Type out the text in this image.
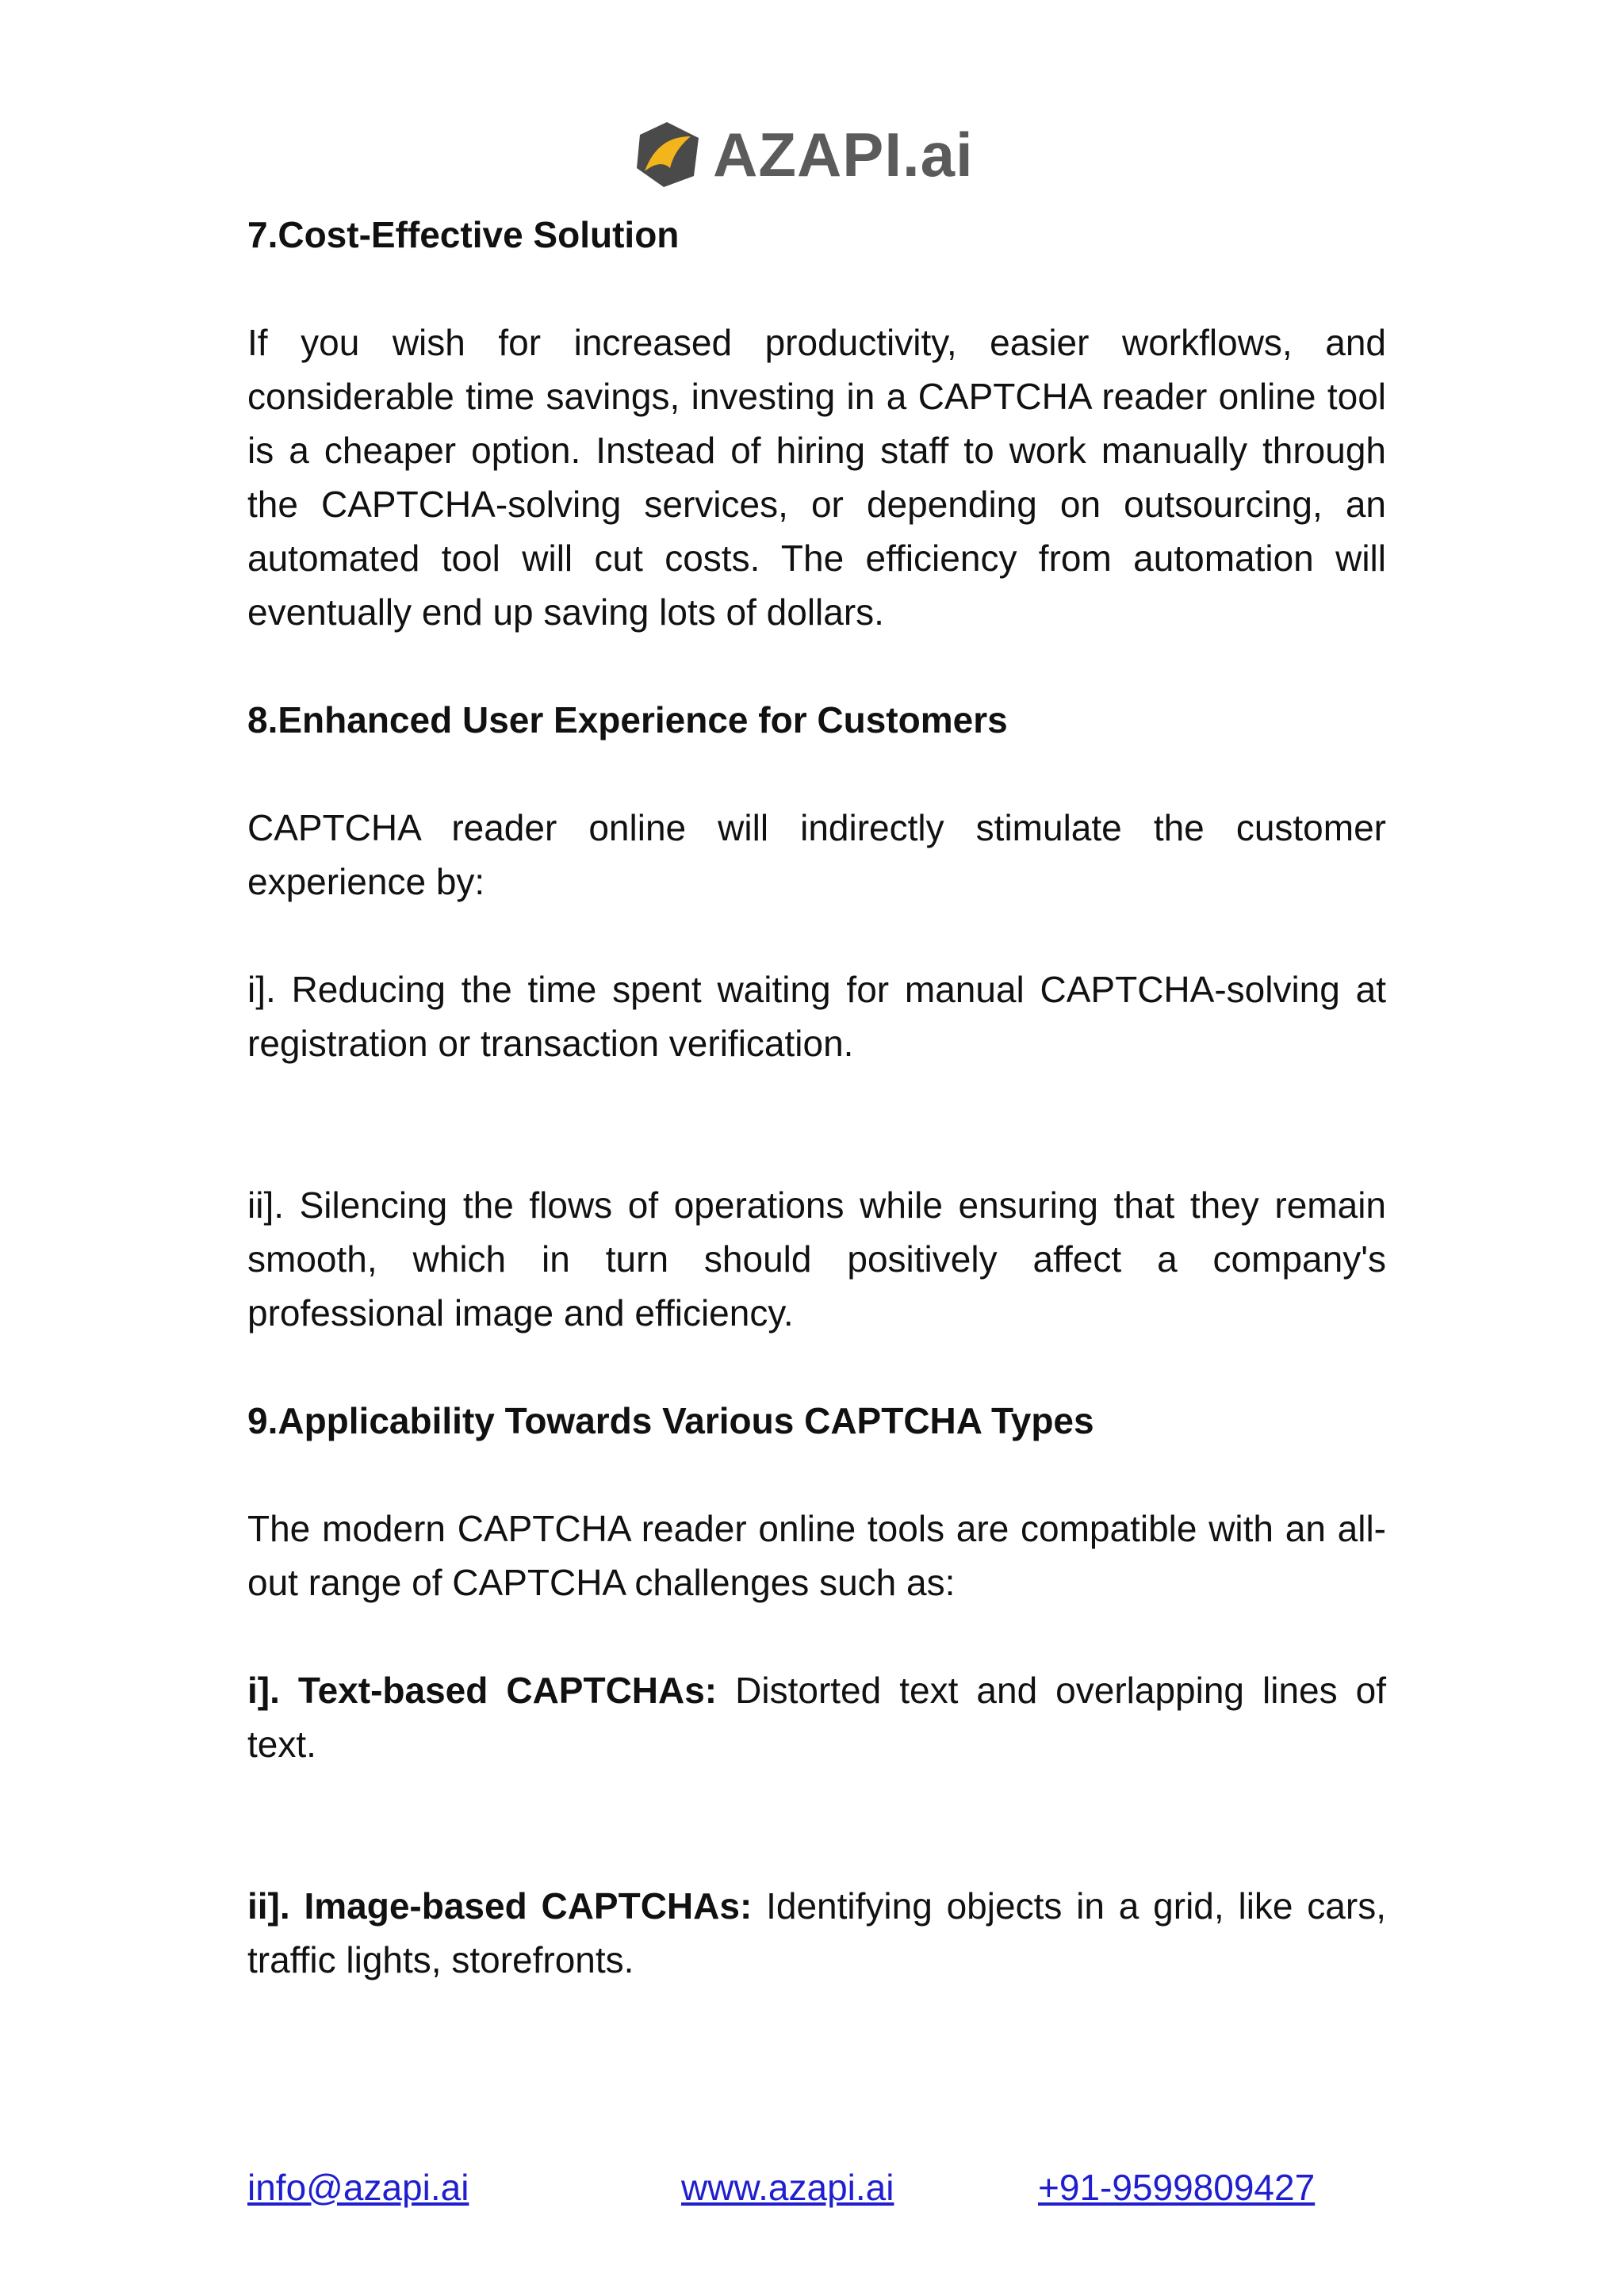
AZAPI.ai

7.Cost-Effective Solution

If you wish for increased productivity, easier workflows, and considerable time savings, investing in a CAPTCHA reader online tool is a cheaper option. Instead of hiring staff to work manually through the CAPTCHA-solving services, or depending on outsourcing, an automated tool will cut costs. The efficiency from automation will eventually end up saving lots of dollars.

8.Enhanced User Experience for Customers

CAPTCHA reader online will indirectly stimulate the customer experience by:

i]. Reducing the time spent waiting for manual CAPTCHA-solving at registration or transaction verification.

ii]. Silencing the flows of operations while ensuring that they remain smooth, which in turn should positively affect a company's professional image and efficiency.

9.Applicability Towards Various CAPTCHA Types

The modern CAPTCHA reader online tools are compatible with an all-out range of CAPTCHA challenges such as:

i]. Text-based CAPTCHAs: Distorted text and overlapping lines of text.

ii]. Image-based CAPTCHAs: Identifying objects in a grid, like cars, traffic lights, storefronts.

info@azapi.ai	www.azapi.ai	+91-9599809427
